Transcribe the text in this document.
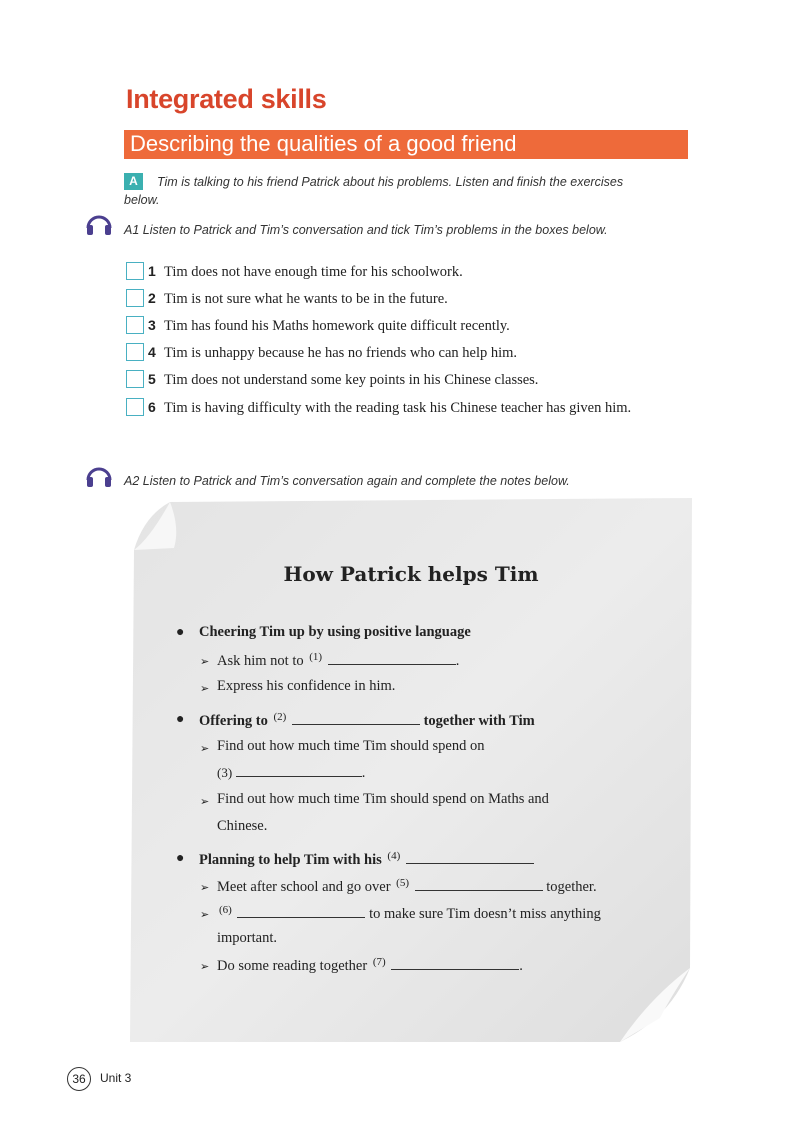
Integrated skills
Describing the qualities of a good friend
A	Tim is talking to his friend Patrick about his problems. Listen and finish the exercises
below.
A1 Listen to Patrick and Tim’s conversation and tick Tim’s problems in the boxes below.
1 Tim does not have enough time for his schoolwork.
2 Tim is not sure what he wants to be in the future.
3 Tim has found his Maths homework quite difficult recently.
4 Tim is unhappy because he has no friends who can help him.
5 Tim does not understand some key points in his Chinese classes.
6 Tim is having difficulty with the reading task his Chinese teacher has given him.
A2 Listen to Patrick and Tim’s conversation again and complete the notes below.
How Patrick helps Tim
● Cheering Tim up by using positive language
➢ Ask him not to $^{(1)}$	.
➢ Express his confidence in him.
● Offering to $^{(2)}$	together with Tim
➢ Find out how much time Tim should spend on
(3)	.
➢ Find out how much time Tim should spend on Maths and
Chinese.
● Planning to help Tim with his $^{(4)}$
➢ Meet after school and go over $^{(5)}$	together.
➢ $^{(6)}$	to make sure Tim doesn’t miss anything
important.
➢ Do some reading together $^{(7)}$	.
36	Unit 3
